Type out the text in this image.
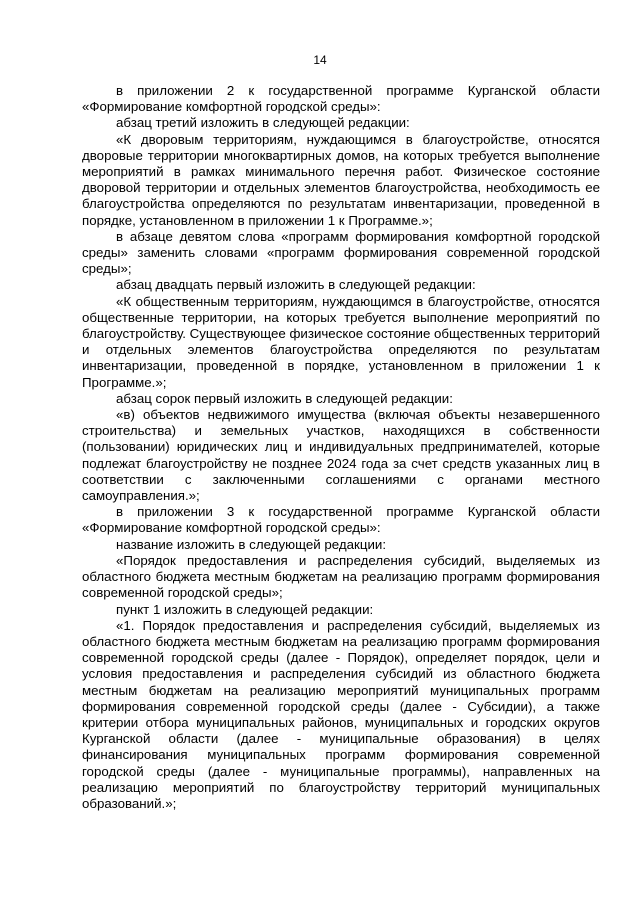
14

в приложении 2 к государственной программе Курганской области «Формирование комфортной городской среды»:

абзац третий изложить в следующей редакции:

«К дворовым территориям, нуждающимся в благоустройстве, относятся дворовые территории многоквартирных домов, на которых требуется выполнение мероприятий в рамках минимального перечня работ. Физическое состояние дворовой территории и отдельных элементов благоустройства, необходимость ее благоустройства определяются по результатам инвентаризации, проведенной в порядке, установленном в приложении 1 к Программе.»;

в абзаце девятом слова «программ формирования комфортной городской среды» заменить словами «программ формирования современной городской среды»;

абзац двадцать первый изложить в следующей редакции:

«К общественным территориям, нуждающимся в благоустройстве, относятся общественные территории, на которых требуется выполнение мероприятий по благоустройству. Существующее физическое состояние общественных территорий и отдельных элементов благоустройства определяются по результатам инвентаризации, проведенной в порядке, установленном в приложении 1 к Программе.»;

абзац сорок первый изложить в следующей редакции:

«в) объектов недвижимого имущества (включая объекты незавершенного строительства) и земельных участков, находящихся в собственности (пользовании) юридических лиц и индивидуальных предпринимателей, которые подлежат благоустройству не позднее 2024 года за счет средств указанных лиц в соответствии с заключенными соглашениями с органами местного самоуправления.»;

в приложении 3 к государственной программе Курганской области «Формирование комфортной городской среды»:

название изложить в следующей редакции:

«Порядок предоставления и распределения субсидий, выделяемых из областного бюджета местным бюджетам на реализацию программ формирования современной городской среды»;

пункт 1 изложить в следующей редакции:

«1. Порядок предоставления и распределения субсидий, выделяемых из областного бюджета местным бюджетам на реализацию программ формирования современной городской среды (далее - Порядок), определяет порядок, цели и условия предоставления и распределения субсидий из областного бюджета местным бюджетам на реализацию мероприятий муниципальных программ формирования современной городской среды (далее - Субсидии), а также критерии отбора муниципальных районов, муниципальных и городских округов Курганской области (далее - муниципальные образования) в целях финансирования муниципальных программ формирования современной городской среды (далее - муниципальные программы), направленных на реализацию мероприятий по благоустройству территорий муниципальных образований.»;
